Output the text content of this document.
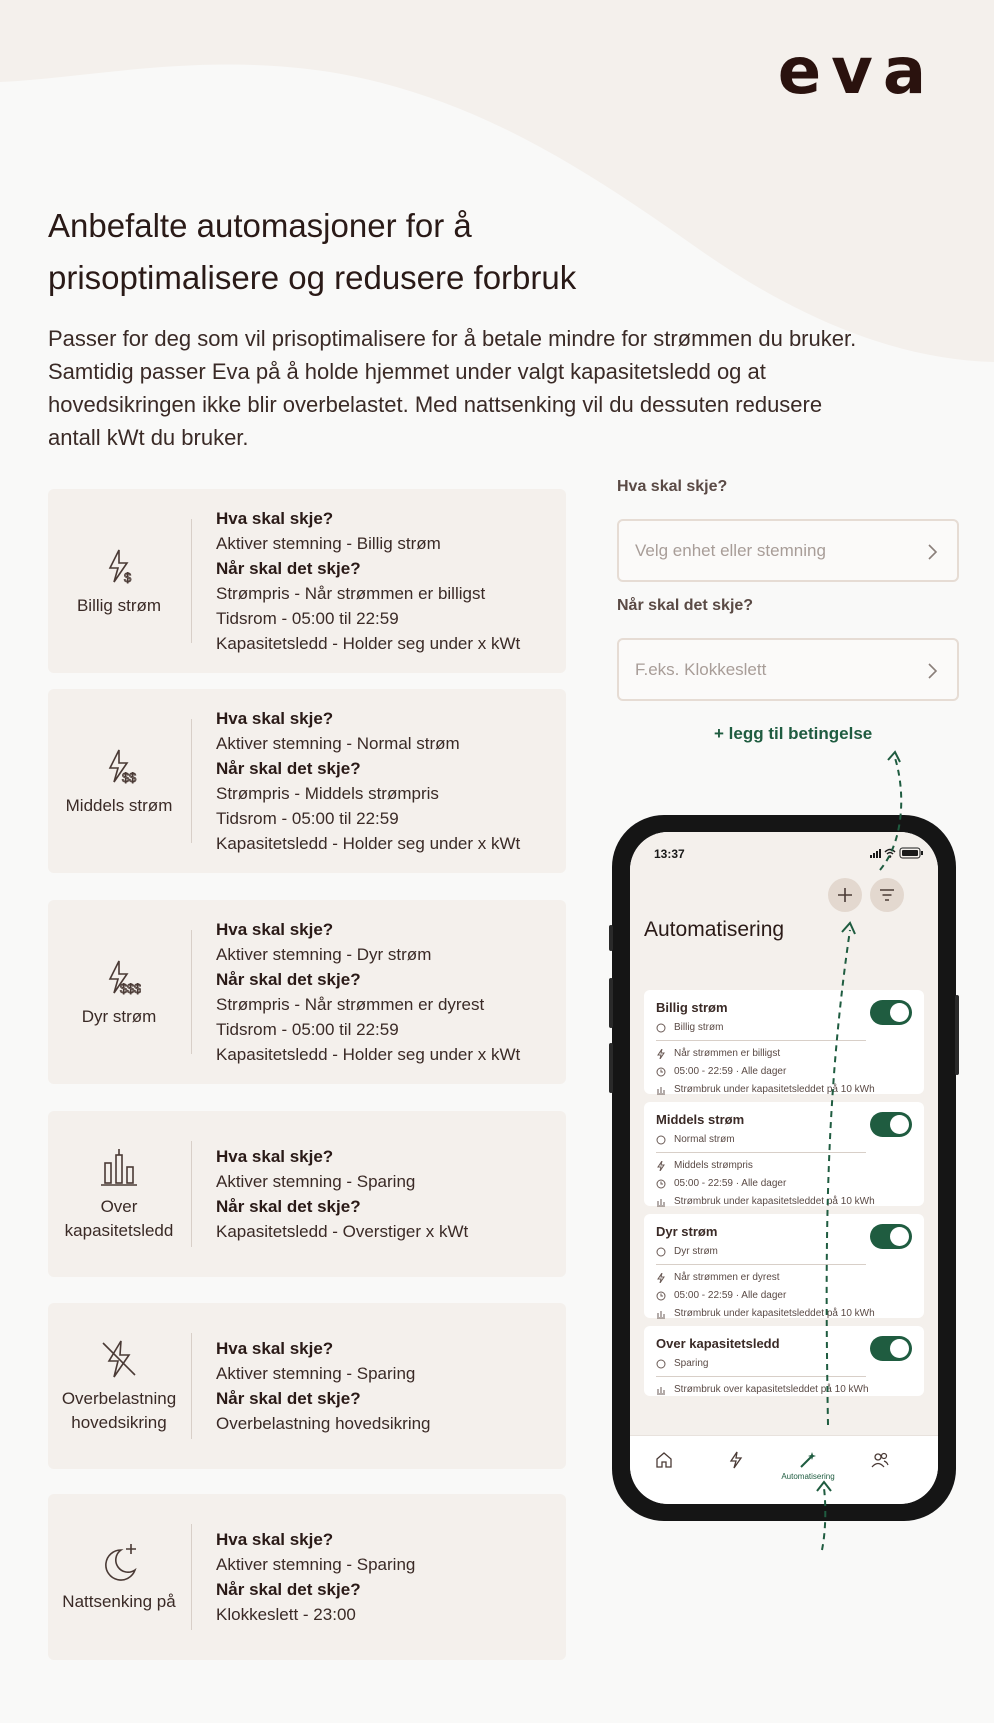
eva
Anbefalte automasjoner for å prisoptimalisere og redusere forbruk

Passer for deg som vil prisoptimalisere for å betale mindre for strømmen du bruker. Samtidig passer Eva på å holde hjemmet under valgt kapasitetsledd og at hovedsikringen ikke blir overbelastet. Med nattsenking vil du dessuten redusere antall kWt du bruker.

$
Billig strøm
Hva skal skje?
Aktiver stemning - Billig strøm
Når skal det skje?
Strømpris - Når strømmen er billigst
Tidsrom - 05:00 til 22:59
Kapasitetsledd - Holder seg under x kWt
$ $
Middels strøm
Hva skal skje?
Aktiver stemning - Normal strøm
Når skal det skje?
Strømpris - Middels strømpris
Tidsrom - 05:00 til 22:59
Kapasitetsledd - Holder seg under x kWt
$ $ $
Dyr strøm
Hva skal skje?
Aktiver stemning - Dyr strøm
Når skal det skje?
Strømpris - Når strømmen er dyrest
Tidsrom - 05:00 til 22:59
Kapasitetsledd - Holder seg under x kWt
Over kapasitetsledd
Hva skal skje?
Aktiver stemning - Sparing
Når skal det skje?
Kapasitetsledd - Overstiger x kWt
Overbelastning hovedsikring
Hva skal skje?
Aktiver stemning - Sparing
Når skal det skje?
Overbelastning hovedsikring
Nattsenking på
Hva skal skje?
Aktiver stemning - Sparing
Når skal det skje?
Klokkeslett - 23:00
Hva skal skje?
Velg enhet eller stemning
Når skal det skje?
F.eks. Klokkeslett
+ legg til betingelse
13:37
Automatisering
Billig strøm
Billig strøm
Når strømmen er billigst
05:00 - 22:59 · Alle dager
Strømbruk under kapasitetsleddet på 10 kWh
Middels strøm
Normal strøm
Middels strømpris
05:00 - 22:59 · Alle dager
Strømbruk under kapasitetsleddet på 10 kWh
Dyr strøm
Dyr strøm
Når strømmen er dyrest
05:00 - 22:59 · Alle dager
Strømbruk under kapasitetsleddet på 10 kWh
Over kapasitetsledd
Sparing
Strømbruk over kapasitetsleddet på 10 kWh
Automatisering
